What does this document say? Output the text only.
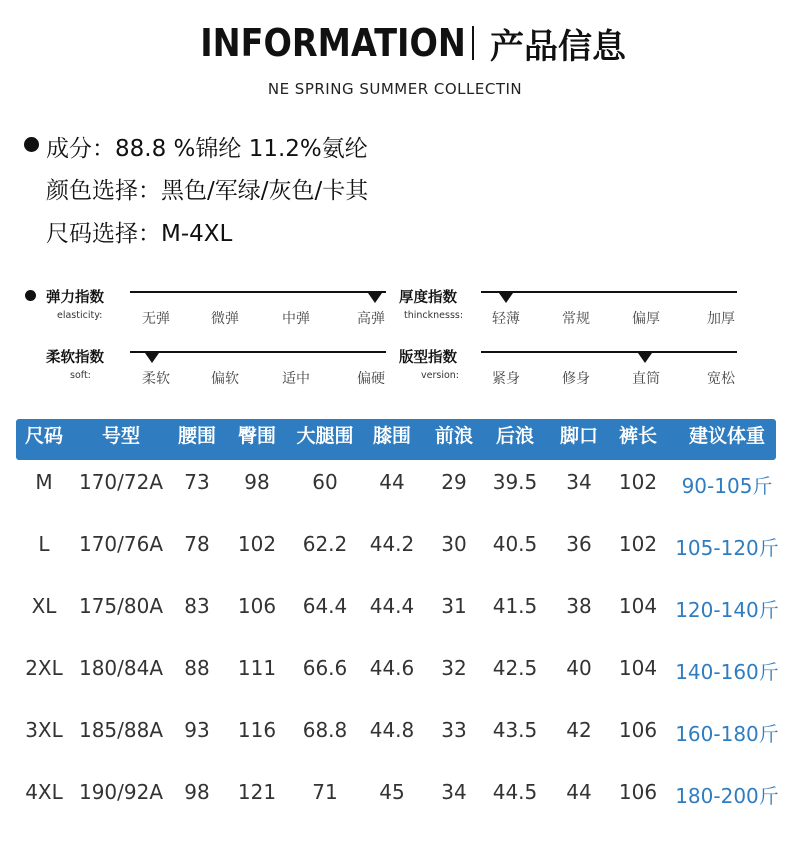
INFORMATION 产品信息
NE SPRING SUMMER COLLECTIN
成分：88.8 %锦纶 11.2%氨纶
颜色选择：黑色/军绿/灰色/卡其
尺码选择：M-4XL
弹力指数
elasticity:	无弹	微弹	中弹	高弹
厚度指数
thincknesss:	轻薄	常规	偏厚	加厚
柔软指数
soft:	柔软	偏软	适中	偏硬
版型指数
version:	紧身	修身	直筒	宽松
尺码	号型	腰围	臀围	大腿围	膝围	前浪	后浪	脚口	裤长	建议体重
M	170/72A	73	98	60	44	29	39.5	34	102	90-105斤
L	170/76A	78	102	62.2	44.2	30	40.5	36	102 105-120斤
XL	175/80A	83	106	64.4	44.4	31	41.5	38	104 120-140斤
2XL 180/84A	88	111	66.6	44.6	32	42.5	40	104 140-160斤
3XL 185/88A	93	116	68.8	44.8	33	43.5	42	106 160-180斤
4XL 190/92A	98	121	71	45	34	44.5	44	106 180-200斤
